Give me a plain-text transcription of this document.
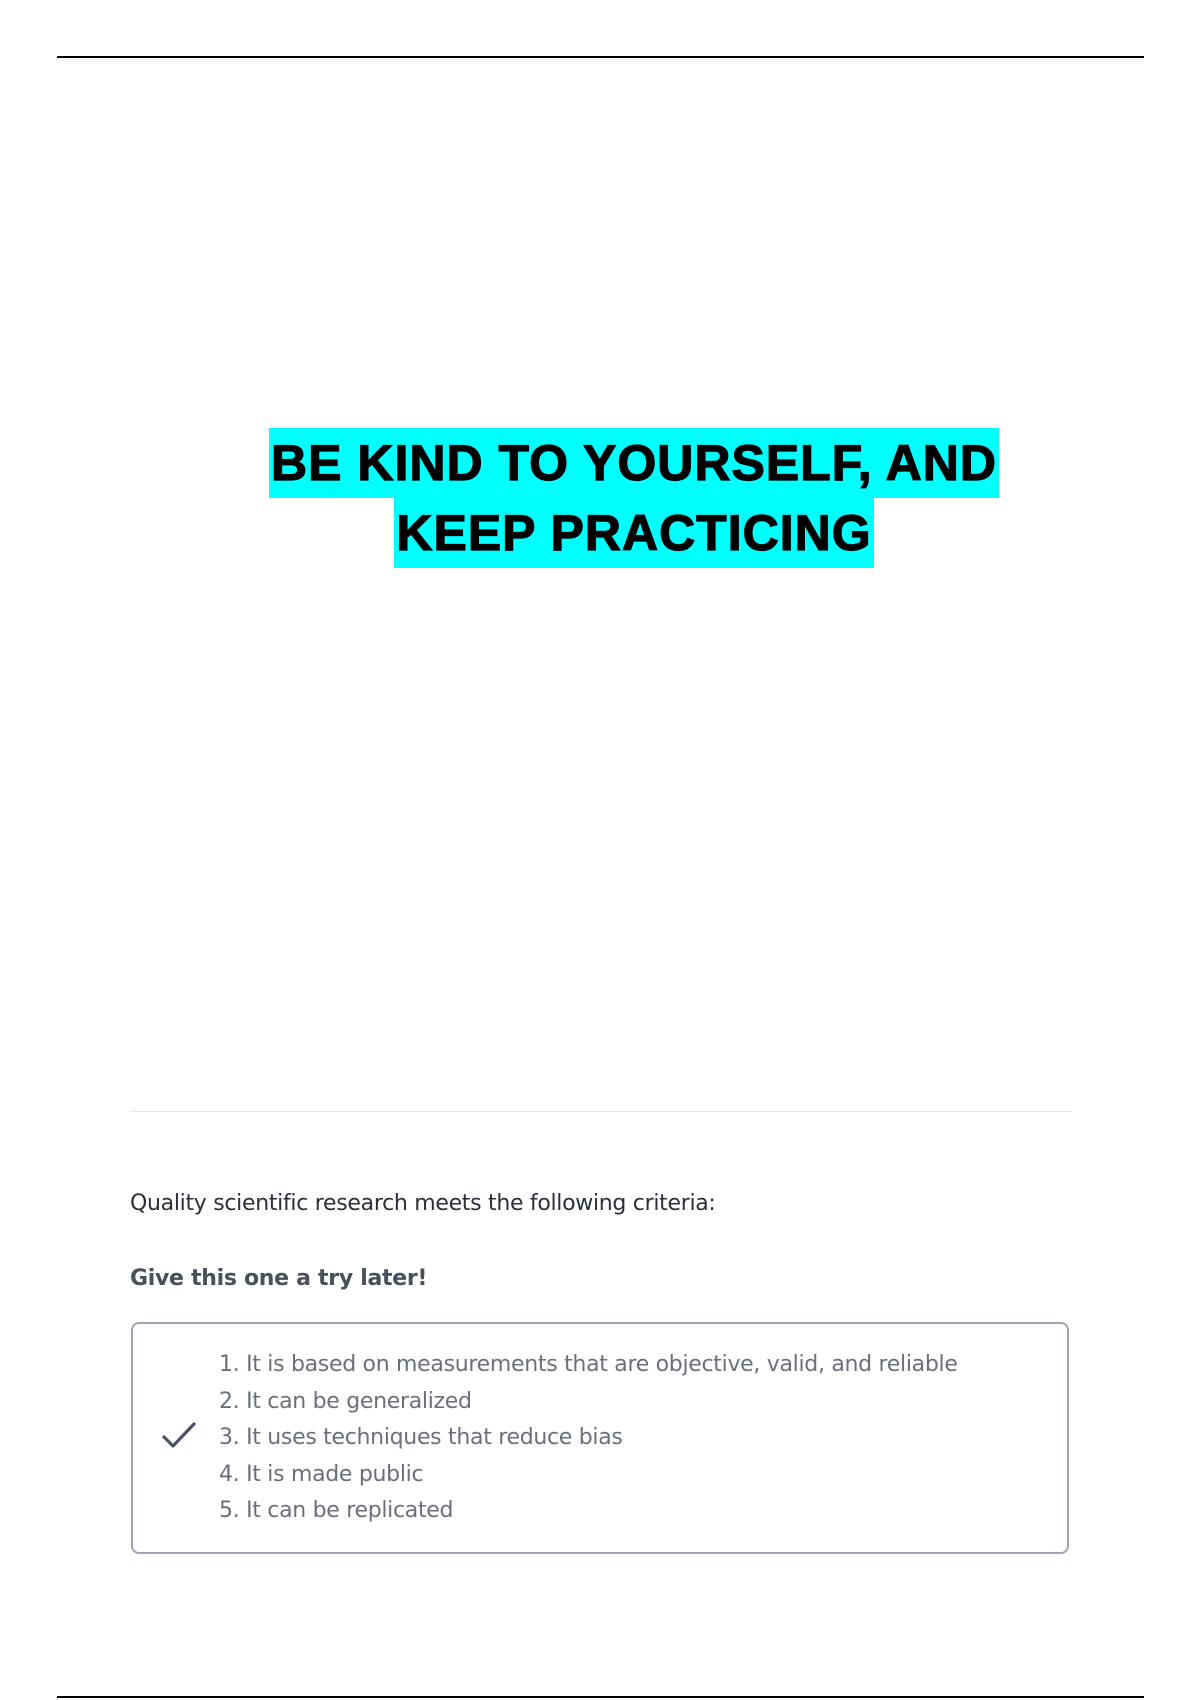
BE KIND TO YOURSELF, AND
KEEP PRACTICING
Quality scientific research meets the following criteria:
Give this one a try later!
1. It is based on measurements that are objective, valid, and reliable
2. It can be generalized
3. It uses techniques that reduce bias
4. It is made public
5. It can be replicated
